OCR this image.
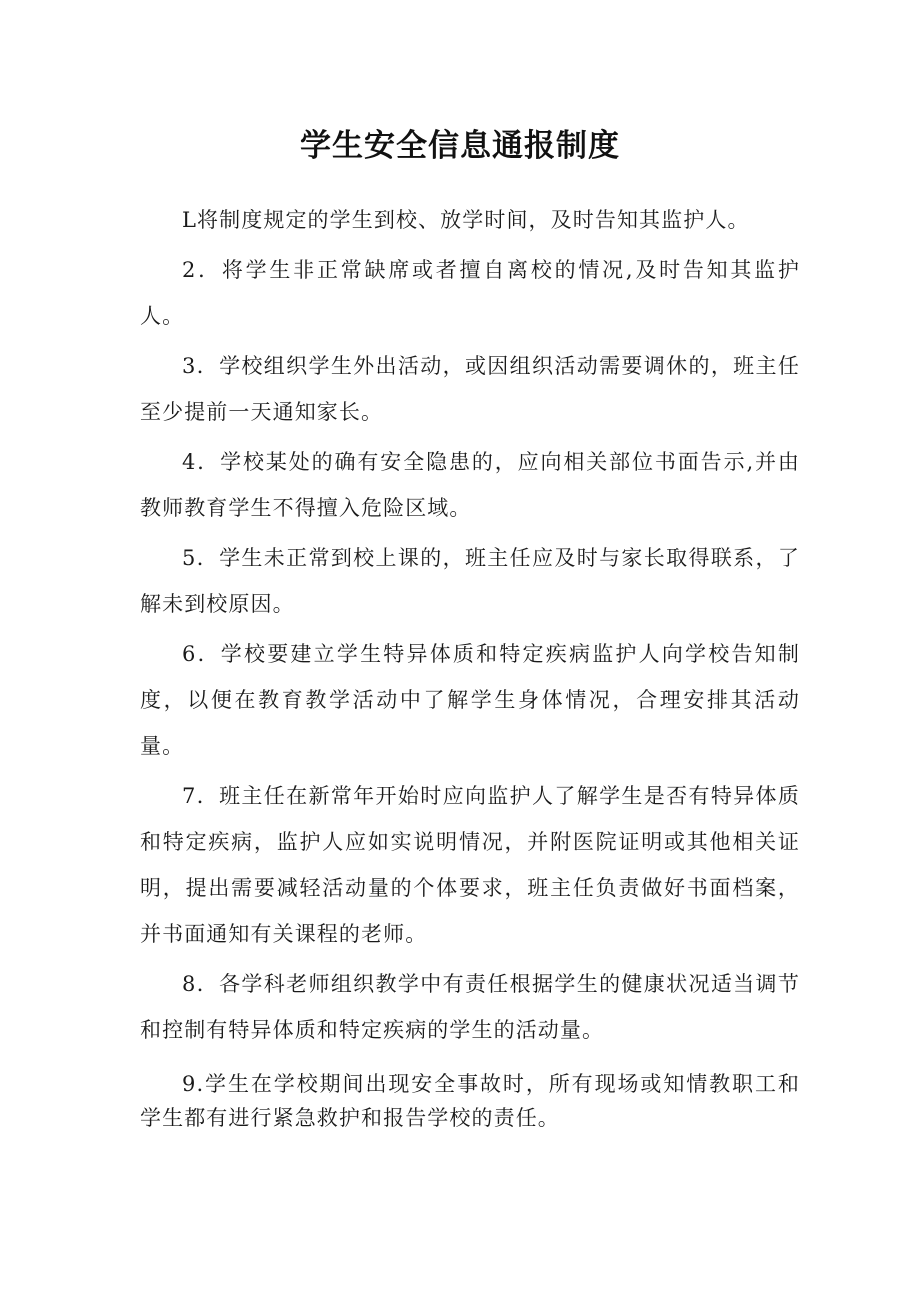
学生安全信息通报制度

L将制度规定的学生到校、放学时间，及时告知其监护人。

2．将学生非正常缺席或者擅自离校的情况,及时告知其监护人。

3．学校组织学生外出活动，或因组织活动需要调休的，班主任至少提前一天通知家长。

4．学校某处的确有安全隐患的，应向相关部位书面告示,并由教师教育学生不得擅入危险区域。

5．学生未正常到校上课的，班主任应及时与家长取得联系，了解未到校原因。

6．学校要建立学生特异体质和特定疾病监护人向学校告知制度，以便在教育教学活动中了解学生身体情况，合理安排其活动量。

7．班主任在新常年开始时应向监护人了解学生是否有特异体质和特定疾病，监护人应如实说明情况，并附医院证明或其他相关证明，提出需要减轻活动量的个体要求，班主任负责做好书面档案，并书面通知有关课程的老师。

8．各学科老师组织教学中有责任根据学生的健康状况适当调节和控制有特异体质和特定疾病的学生的活动量。

9.学生在学校期间出现安全事故时，所有现场或知情教职工和学生都有进行紧急救护和报告学校的责任。
